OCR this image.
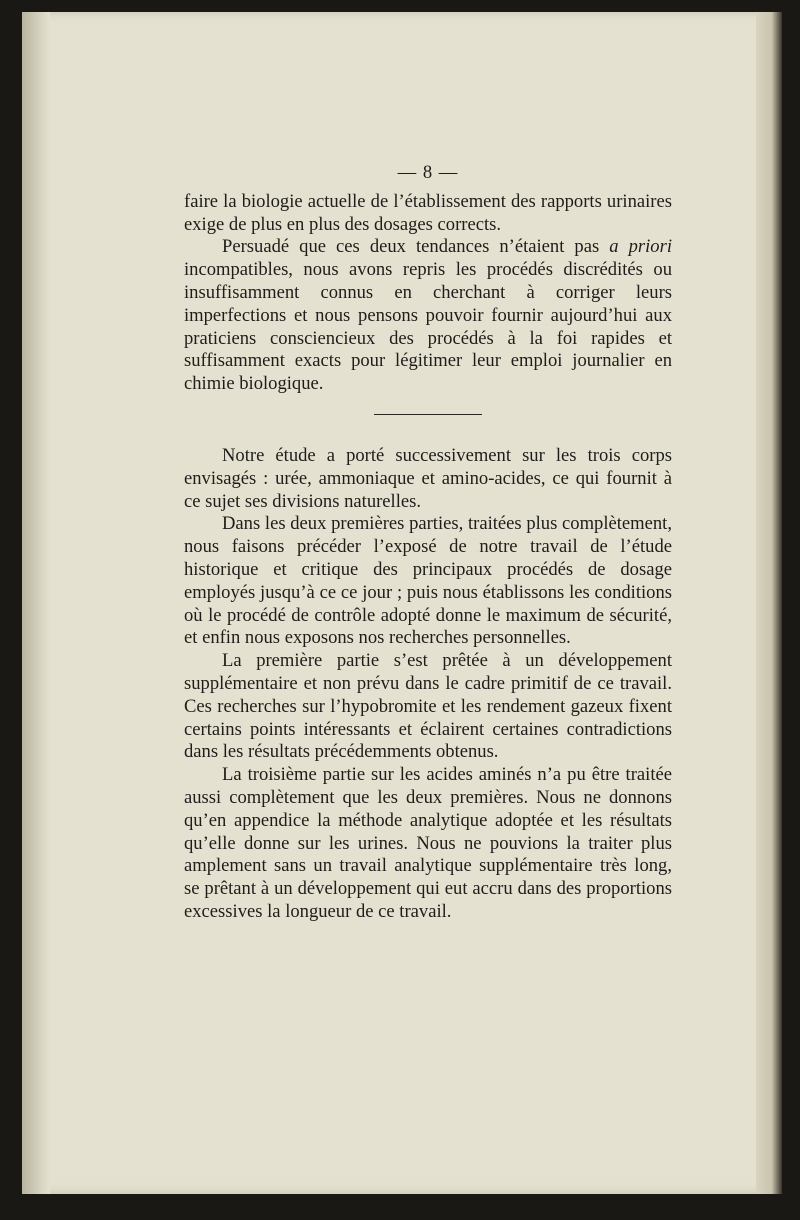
— 8 —

faire la biologie actuelle de l’établissement des rapports urinaires exige de plus en plus des dosages corrects.

Persuadé que ces deux tendances n’étaient pas a priori incompatibles, nous avons repris les procédés discrédités ou insuffisamment connus en cherchant à corriger leurs imperfections et nous pensons pouvoir fournir aujourd’hui aux praticiens consciencieux des procédés à la foi rapides et suffisamment exacts pour légitimer leur emploi journalier en chimie biologique.

Notre étude a porté successivement sur les trois corps envisagés : urée, ammoniaque et amino-acides, ce qui fournit à ce sujet ses divisions naturelles.

Dans les deux premières parties, traitées plus complètement, nous faisons précéder l’exposé de notre travail de l’étude historique et critique des principaux procédés de dosage employés jusqu’à ce ce jour ; puis nous établissons les conditions où le procédé de contrôle adopté donne le maximum de sécurité, et enfin nous exposons nos recherches personnelles.

La première partie s’est prêtée à un développement supplémentaire et non prévu dans le cadre primitif de ce travail. Ces recherches sur l’hypobromite et les rendement gazeux fixent certains points intéressants et éclairent certaines contradictions dans les résultats précédemments obtenus.

La troisième partie sur les acides aminés n’a pu être traitée aussi complètement que les deux premières. Nous ne donnons qu’en appendice la méthode analytique adoptée et les résultats qu’elle donne sur les urines. Nous ne pouvions la traiter plus amplement sans un travail analytique supplémentaire très long, se prêtant à un développement qui eut accru dans des proportions excessives la longueur de ce travail.
